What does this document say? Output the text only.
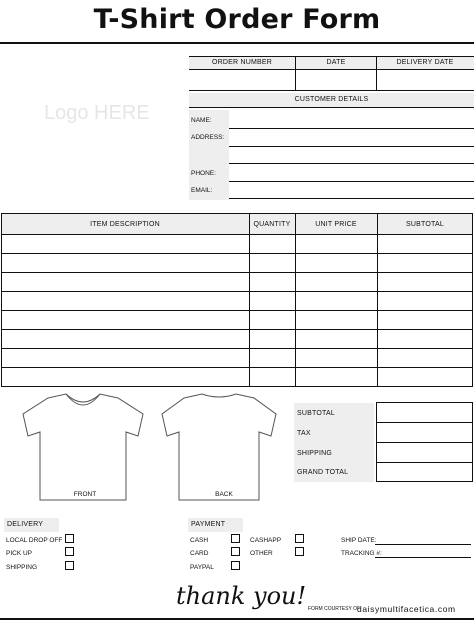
T-Shirt Order Form
Logo HERE
ORDER NUMBER	DATE	DELIVERY DATE
CUSTOMER DETAILS
NAME:
ADDRESS:
PHONE:
EMAIL:
ITEM DESCRIPTION	QUANTITY	UNIT PRICE	SUBTOTAL
FRONT	BACK
SUBTOTAL
TAX
SHIPPING
GRAND TOTAL
DELIVERY
LOCAL DROP OFF
PICK UP
SHIPPING
PAYMENT
CASH
CARD
PAYPAL
CASHAPP
OTHER
SHIP DATE:
TRACKING #:
thank you! FORM COURTESY OF:
daisymultifacetica.com
